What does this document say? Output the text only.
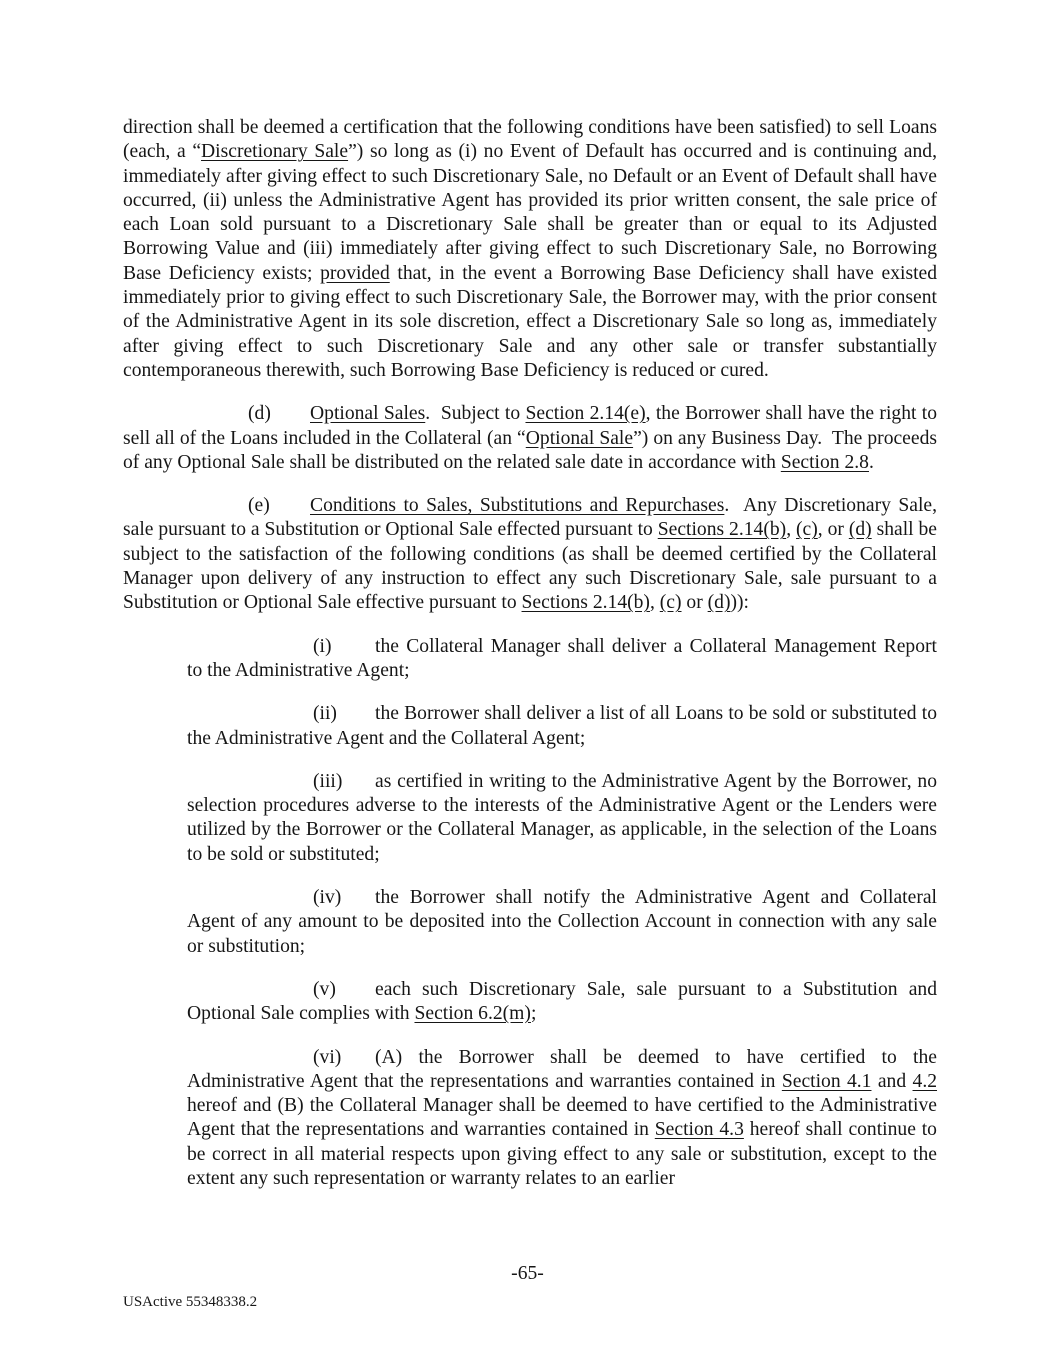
direction shall be deemed a certification that the following conditions have been satisfied) to sell Loans (each, a “Discretionary Sale”) so long as (i) no Event of Default has occurred and is continuing and, immediately after giving effect to such Discretionary Sale, no Default or an Event of Default shall have occurred, (ii) unless the Administrative Agent has provided its prior written consent, the sale price of each Loan sold pursuant to a Discretionary Sale shall be greater than or equal to its Adjusted Borrowing Value and (iii) immediately after giving effect to such Discretionary Sale, no Borrowing Base Deficiency exists; provided that, in the event a Borrowing Base Deficiency shall have existed immediately prior to giving effect to such Discretionary Sale, the Borrower may, with the prior consent of the Administrative Agent in its sole discretion, effect a Discretionary Sale so long as, immediately after giving effect to such Discretionary Sale and any other sale or transfer substantially contemporaneous therewith, such Borrowing Base Deficiency is reduced or cured.
(d) Optional Sales.  Subject to Section 2.14(e), the Borrower shall have the right to sell all of the Loans included in the Collateral (an “Optional Sale”) on any Business Day.  The proceeds of any Optional Sale shall be distributed on the related sale date in accordance with Section 2.8.
(e) Conditions to Sales, Substitutions and Repurchases.  Any Discretionary Sale, sale pursuant to a Substitution or Optional Sale effected pursuant to Sections 2.14(b), (c), or (d) shall be subject to the satisfaction of the following conditions (as shall be deemed certified by the Collateral Manager upon delivery of any instruction to effect any such Discretionary Sale, sale pursuant to a Substitution or Optional Sale effective pursuant to Sections 2.14(b), (c) or (d))):
(i) the Collateral Manager shall deliver a Collateral Management Report to the Administrative Agent;
(ii) the Borrower shall deliver a list of all Loans to be sold or substituted to the Administrative Agent and the Collateral Agent;
(iii) as certified in writing to the Administrative Agent by the Borrower, no selection procedures adverse to the interests of the Administrative Agent or the Lenders were utilized by the Borrower or the Collateral Manager, as applicable, in the selection of the Loans to be sold or substituted;
(iv) the Borrower shall notify the Administrative Agent and Collateral Agent of any amount to be deposited into the Collection Account in connection with any sale or substitution;
(v) each such Discretionary Sale, sale pursuant to a Substitution and Optional Sale complies with Section 6.2(m);
(vi) (A) the Borrower shall be deemed to have certified to the Administrative Agent that the representations and warranties contained in Section 4.1 and 4.2 hereof and (B) the Collateral Manager shall be deemed to have certified to the Administrative Agent that the representations and warranties contained in Section 4.3 hereof shall continue to be correct in all material respects upon giving effect to any sale or substitution, except to the extent any such representation or warranty relates to an earlier
-65-
USActive 55348338.2
